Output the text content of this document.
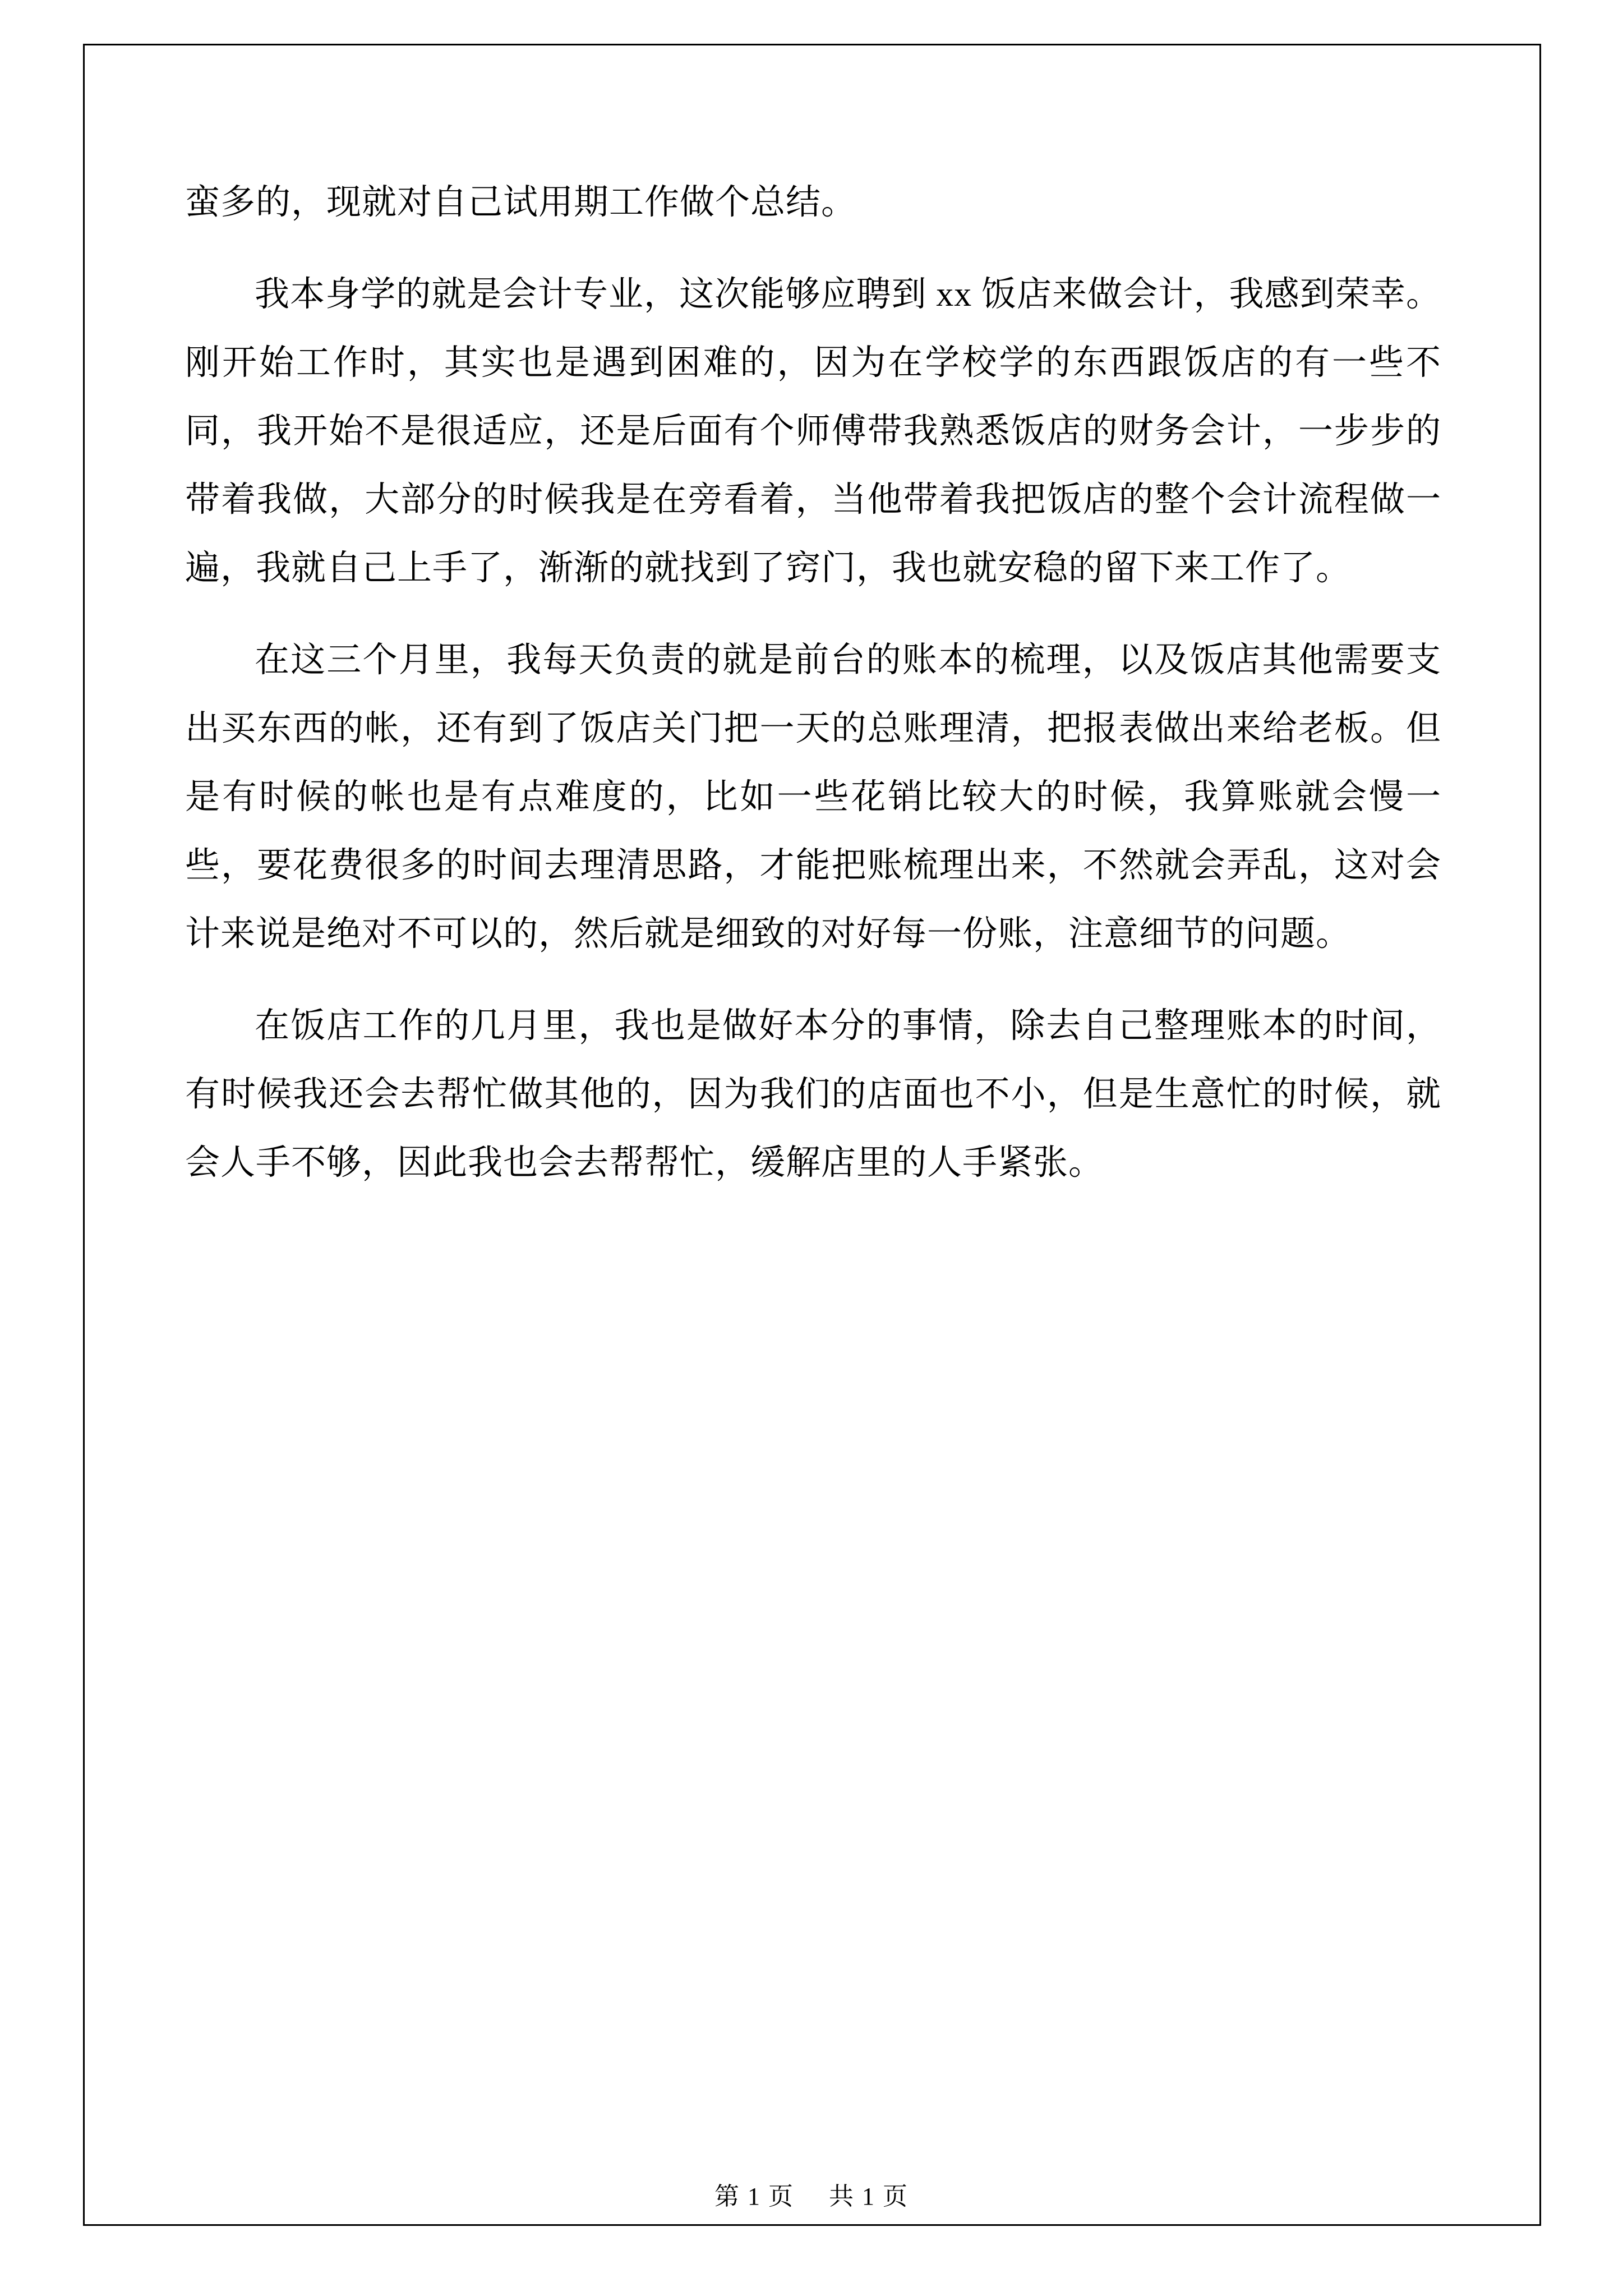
蛮多的，现就对自己试用期工作做个总结。

我本身学的就是会计专业，这次能够应聘到 xx 饭店来做会计，我感到荣幸。刚开始工作时，其实也是遇到困难的，因为在学校学的东西跟饭店的有一些不同，我开始不是很适应，还是后面有个师傅带我熟悉饭店的财务会计，一步步的带着我做，大部分的时候我是在旁看着，当他带着我把饭店的整个会计流程做一遍，我就自己上手了，渐渐的就找到了窍门，我也就安稳的留下来工作了。

在这三个月里，我每天负责的就是前台的账本的梳理，以及饭店其他需要支出买东西的帐，还有到了饭店关门把一天的总账理清，把报表做出来给老板。但是有时候的帐也是有点难度的，比如一些花销比较大的时候，我算账就会慢一些，要花费很多的时间去理清思路，才能把账梳理出来，不然就会弄乱，这对会计来说是绝对不可以的，然后就是细致的对好每一份账，注意细节的问题。

在饭店工作的几月里，我也是做好本分的事情，除去自己整理账本的时间，有时候我还会去帮忙做其他的，因为我们的店面也不小，但是生意忙的时候，就会人手不够，因此我也会去帮帮忙，缓解店里的人手紧张。

第 1 页 共 1 页
